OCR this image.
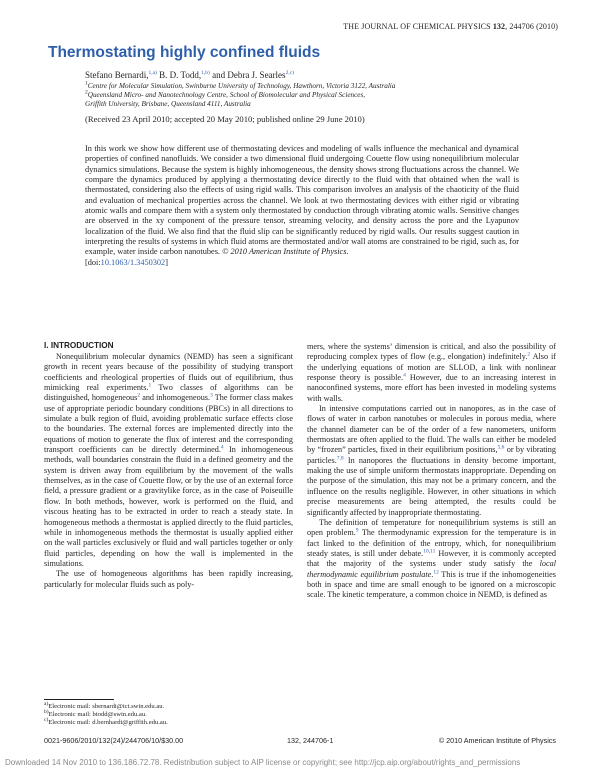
THE JOURNAL OF CHEMICAL PHYSICS 132, 244706 (2010)
Thermostating highly confined fluids
Stefano Bernardi,$^{1,a)}$ B. D. Todd,$^{1,b)}$ and Debra J. Searles$^{2,c)}$
$^1$Centre for Molecular Simulation, Swinburne University of Technology, Hawthorn, Victoria 3122, Australia
$^2$Queensland Micro- and Nanotechnology Centre, School of Biomolecular and Physical Sciences,
Griffith University, Brisbane, Queensland 4111, Australia
(Received 23 April 2010; accepted 20 May 2010; published online 29 June 2010)
In this work we show how different use of thermostating devices and modeling of walls influence the mechanical and dynamical properties of confined nanofluids. We consider a two dimensional fluid undergoing Couette flow using nonequilibrium molecular dynamics simulations. Because the system is highly inhomogeneous, the density shows strong fluctuations across the channel. We compare the dynamics produced by applying a thermostating device directly to the fluid with that obtained when the wall is thermostated, considering also the effects of using rigid walls. This comparison involves an analysis of the chaoticity of the fluid and evaluation of mechanical properties across the channel. We look at two thermostating devices with either rigid or vibrating atomic walls and compare them with a system only thermostated by conduction through vibrating atomic walls. Sensitive changes are observed in the xy component of the pressure tensor, streaming velocity, and density across the pore and the Lyapunov localization of the fluid. We also find that the fluid slip can be significantly reduced by rigid walls. Our results suggest caution in interpreting the results of systems in which fluid atoms are thermostated and/or wall atoms are constrained to be rigid, such as, for example, water inside carbon nanotubes. © 2010 American Institute of Physics.
[doi:10.1063/1.3450302]
I. INTRODUCTION

Nonequilibrium molecular dynamics (NEMD) has seen a significant growth in recent years because of the possibility of studying transport coefficients and rheological properties of fluids out of equilibrium, thus mimicking real experiments.$^1$ Two classes of algorithms can be distinguished, homogeneous$^2$ and inhomogeneous.$^3$ The former class makes use of appropriate periodic boundary conditions (PBCs) in all directions to simulate a bulk region of fluid, avoiding problematic surface effects close to the boundaries. The external forces are implemented directly into the equations of motion to generate the flux of interest and the corresponding transport coefficients can be directly determined.$^4$ In inhomogeneous methods, wall boundaries constrain the fluid in a defined geometry and the system is driven away from equilibrium by the movement of the walls themselves, as in the case of Couette flow, or by the use of an external force field, a pressure gradient or a gravitylike force, as in the case of Poiseuille flow. In both methods, however, work is performed on the fluid, and viscous heating has to be extracted in order to reach a steady state. In homogeneous methods a thermostat is applied directly to the fluid particles, while in inhomogeneous methods the thermostat is usually applied either on the wall particles exclusively or fluid and wall particles together or only fluid particles, depending on how the wall is implemented in the simulations.

The use of homogeneous algorithms has been rapidly increasing, particularly for molecular fluids such as poly-

mers, where the systems’ dimension is critical, and also the possibility of reproducing complex types of flow (e.g., elongation) indefinitely.$^2$ Also if the underlying equations of motion are SLLOD, a link with nonlinear response theory is possible.$^4$ However, due to an increasing interest in nanoconfined systems, more effort has been invested in modeling systems with walls.

In intensive computations carried out in nanopores, as in the case of flows of water in carbon nanotubes or molecules in porous media, where the channel diameter can be of the order of a few nanometers, uniform thermostats are often applied to the fluid. The walls can either be modeled by “frozen” particles, fixed in their equilibrium positions,$^{5,6}$ or by vibrating particles.$^{7,8}$ In nanopores the fluctuations in density become important, making the use of simple uniform thermostats inappropriate. Depending on the purpose of the simulation, this may not be a primary concern, and the influence on the results negligible. However, in other situations in which precise measurements are being attempted, the results could be significantly affected by inappropriate thermostating.

The definition of temperature for nonequilibrium systems is still an open problem.$^9$ The thermodynamic expression for the temperature is in fact linked to the definition of the entropy, which, for nonequilibrium steady states, is still under debate.$^{10,11}$ However, it is commonly accepted that the majority of the systems under study satisfy the local thermodynamic equilibrium postulate.$^{12}$ This is true if the inhomogeneities both in space and time are small enough to be ignored on a microscopic scale. The kinetic temperature, a common choice in NEMD, is defined as

$^{a)}$Electronic mail: sbernardi@ict.swin.edu.au.
$^{b)}$Electronic mail: btodd@swin.edu.au.
$^{c)}$Electronic mail: d.bernhardt@griffith.edu.au.
0021-9606/2010/132(24)/244706/10/$30.00	132, 244706-1	© 2010 American Institute of Physics
Downloaded 14 Nov 2010 to 136.186.72.78. Redistribution subject to AIP license or copyright; see http://jcp.aip.org/about/rights_and_permissions
